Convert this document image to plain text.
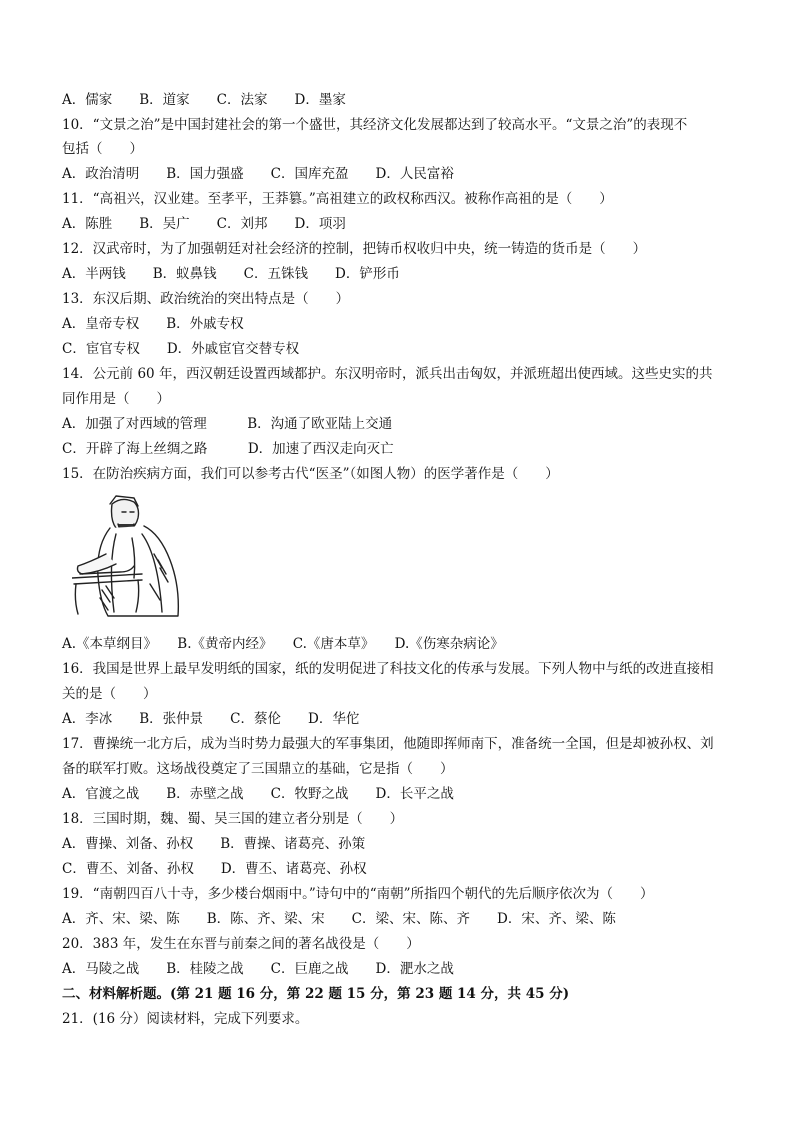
A．儒家　　B．道家　　C．法家　　D．墨家
10．“文景之治”是中国封建社会的第一个盛世，其经济文化发展都达到了较高水平。“文景之治”的表现不
包括（　　）
A．政治清明　　B．国力强盛　　C．国库充盈　　D．人民富裕
11．“高祖兴，汉业建。至孝平，王莽篡。”高祖建立的政权称西汉。被称作高祖的是（　　）
A．陈胜　　B．吴广　　C．刘邦　　D．项羽
12．汉武帝时，为了加强朝廷对社会经济的控制，把铸币权收归中央，统一铸造的货币是（　　）
A．半两钱　　B．蚁鼻钱　　C．五铢钱　　D．铲形币
13．东汉后期、政治统治的突出特点是（　　）
A．皇帝专权　　B．外戚专权
C．宦官专权　　D．外戚宦官交替专权
14．公元前 60 年，西汉朝廷设置西域都护。东汉明帝时，派兵出击匈奴，并派班超出使西域。这些史实的共
同作用是（　　）
A．加强了对西域的管理　　　B．沟通了欧亚陆上交通
C．开辟了海上丝绸之路　　　D．加速了西汉走向灭亡
15．在防治疾病方面，我们可以参考古代“医圣”（如图人物）的医学著作是（　　）
A.《本草纲目》　　B.《黄帝内经》　　C.《唐本草》　　D.《伤寒杂病论》
16．我国是世界上最早发明纸的国家，纸的发明促进了科技文化的传承与发展。下列人物中与纸的改进直接相
关的是（　　）
A．李冰　　B．张仲景　　C．蔡伦　　D．华佗
17．曹操统一北方后，成为当时势力最强大的军事集团，他随即挥师南下，准备统一全国，但是却被孙权、刘
备的联军打败。这场战役奠定了三国鼎立的基础，它是指（　　）
A．官渡之战　　B．赤壁之战　　C．牧野之战　　D．长平之战
18．三国时期，魏、蜀、吴三国的建立者分别是（　　）
A．曹操、刘备、孙权　　B．曹操、诸葛亮、孙策
C．曹丕、刘备、孙权　　D．曹丕、诸葛亮、孙权
19．“南朝四百八十寺，多少楼台烟雨中。”诗句中的“南朝”所指四个朝代的先后顺序依次为（　　）
A．齐、宋、梁、陈　　B．陈、齐、梁、宋　　C．梁、宋、陈、齐　　D．宋、齐、梁、陈
20．383 年，发生在东晋与前秦之间的著名战役是（　　）
A．马陵之战　　B．桂陵之战　　C．巨鹿之战　　D．淝水之战
二、材料解析题。(第 21 题 16 分，第 22 题 15 分，第 23 题 14 分，共 45 分)
21．(16 分）阅读材料，完成下列要求。
